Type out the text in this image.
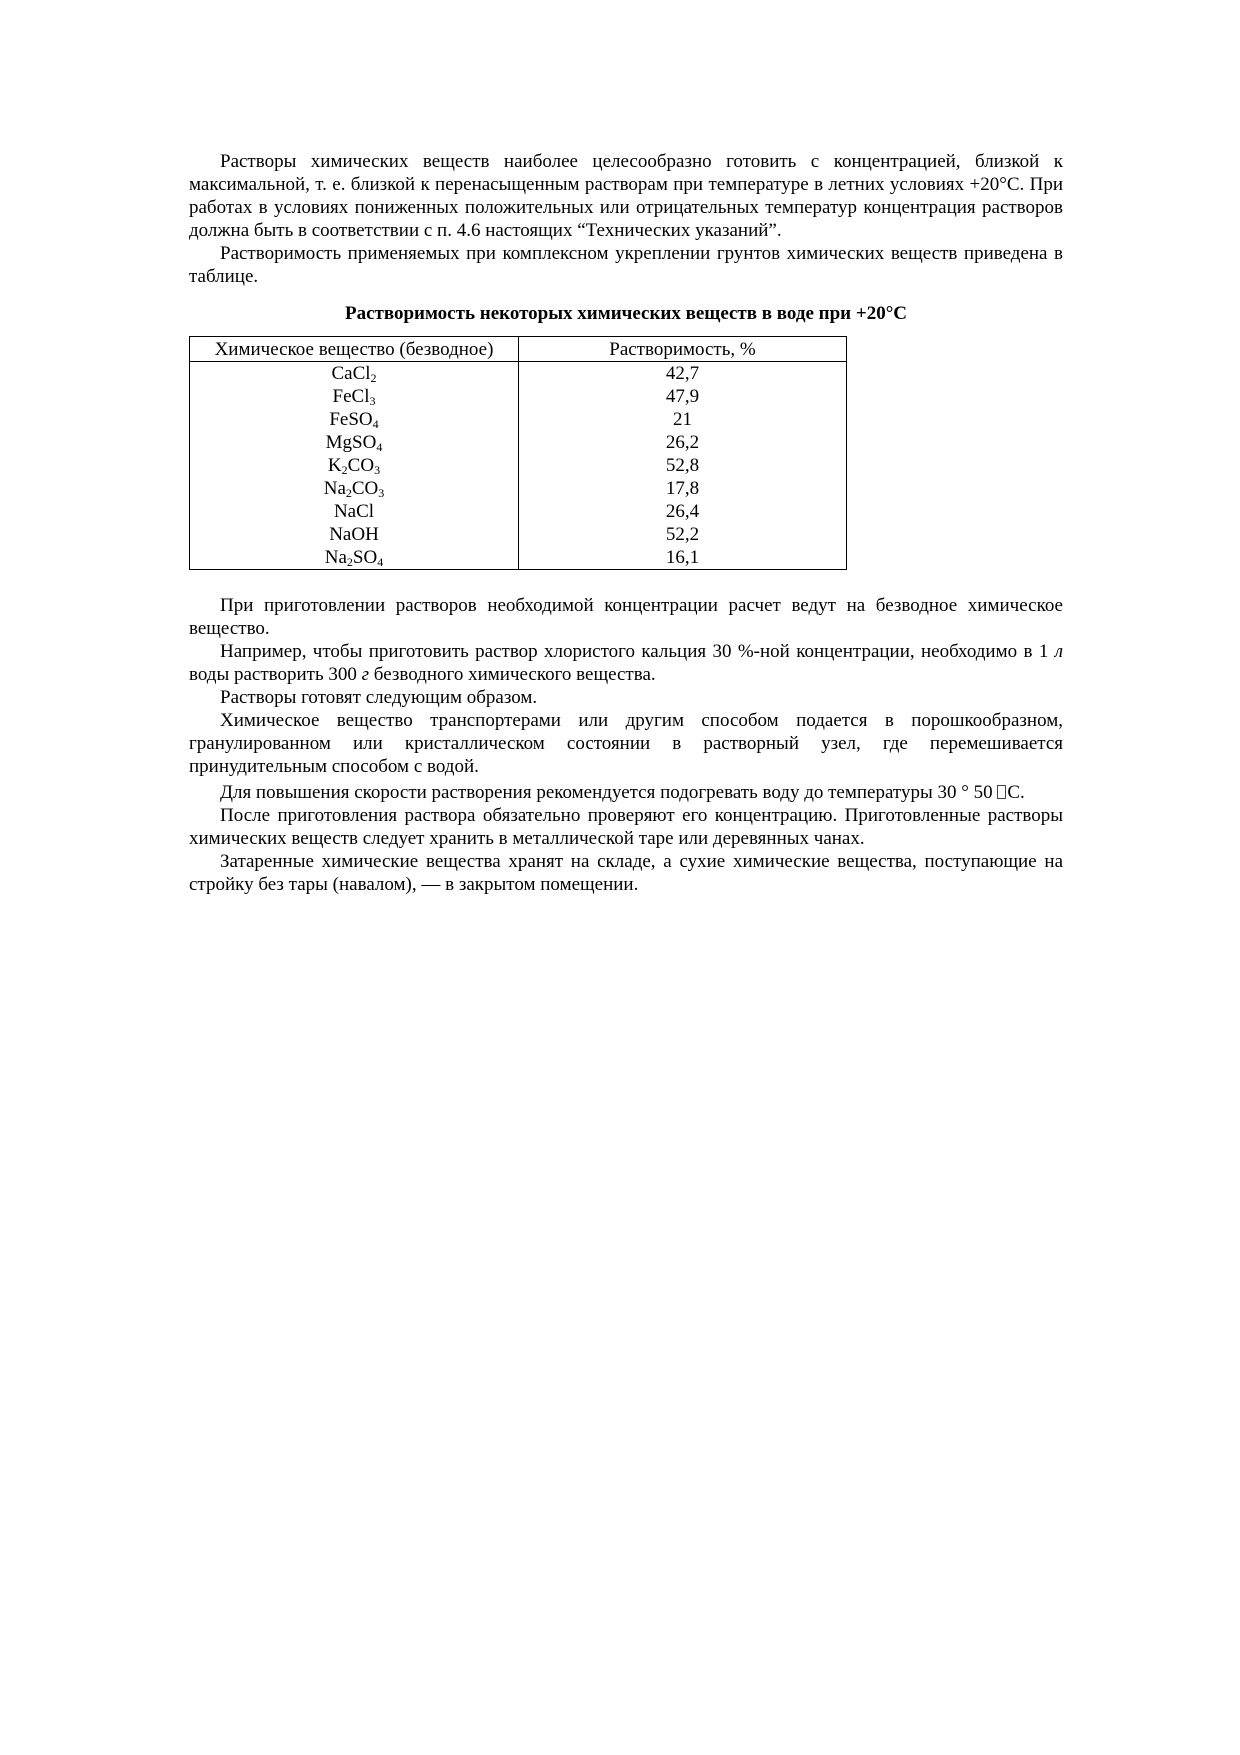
Растворы химических веществ наиболее целесообразно готовить с концентрацией, близкой к максимальной, т. е. близкой к перенасыщенным растворам при температуре в летних условиях +20°С. При работах в условиях пониженных положительных или отрицательных температур концентрация растворов должна быть в соответствии с п. 4.6 настоящих “Технических указаний”.

Растворимость применяемых при комплексном укреплении грунтов химических веществ приведена в таблице.

Растворимость некоторых химических веществ в воде при +20°С
Химическое вещество (безводное)	Растворимость, %
CaCl$_2$	42,7
FeCl$_3$	47,9
FeSO$_4$	21
MgSO$_4$	26,2
$K_2CO_3$	52,8
$Na_2CO_3$	17,8
NaCl	26,4
NaOH	52,2
$Na_2SO_4$	16,1

При приготовлении растворов необходимой концентрации расчет ведут на безводное химическое вещество.

Например, чтобы приготовить раствор хлористого кальция 30 %-ной концентрации, необходимо в 1 л воды растворить 300 г безводного химического вещества.

Растворы готовят следующим образом.

Химическое вещество транспортерами или другим способом подается в порошкообразном, гранулированном или кристаллическом состоянии в растворный узел, где перемешивается принудительным способом с водой.

Для повышения скорости растворения рекомендуется подогревать воду до температуры 30 ° 50 С.

После приготовления раствора обязательно проверяют его концентрацию. Приготовленные растворы химических веществ следует хранить в металлической таре или деревянных чанах.

Затаренные химические вещества хранят на складе, а сухие химические вещества, поступающие на стройку без тары (навалом), — в закрытом помещении.
